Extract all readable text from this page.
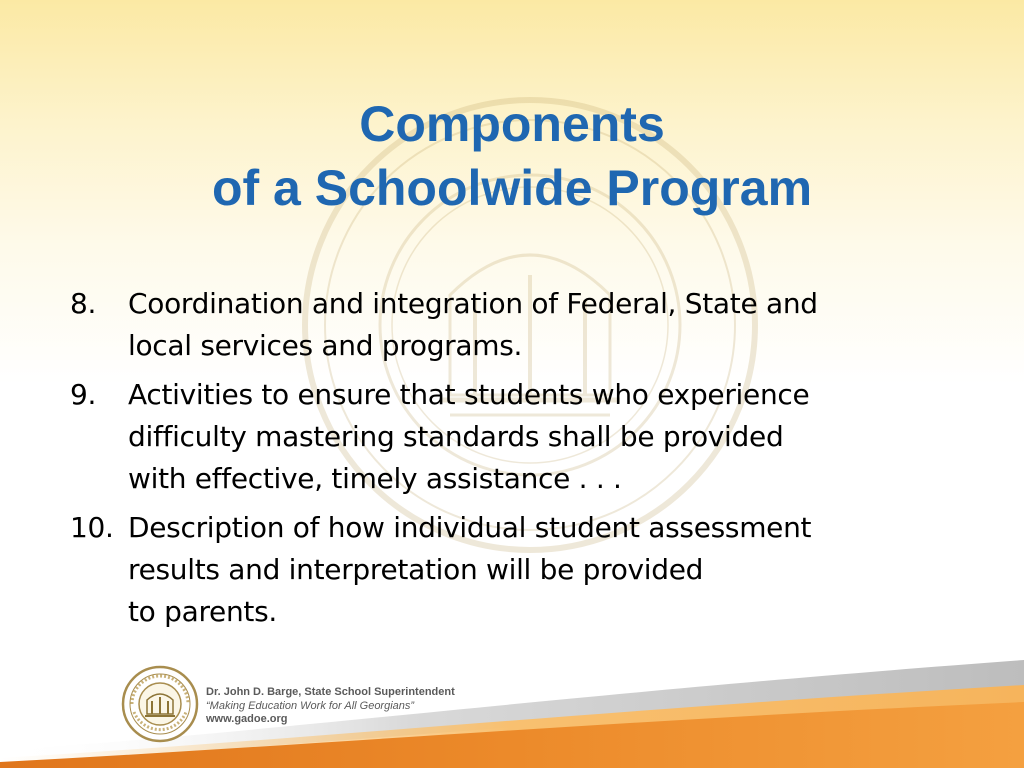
Components
of a Schoolwide Program
8. Coordination and integration of Federal, State and
local services and programs.
9. Activities to ensure that students who experience
difficulty mastering standards shall be provided
with effective, timely assistance . . .
10. Description of how individual student assessment
results and interpretation will be provided
to parents.
Dr. John D. Barge, State School Superintendent
“Making Education Work for All Georgians”
www.gadoe.org
